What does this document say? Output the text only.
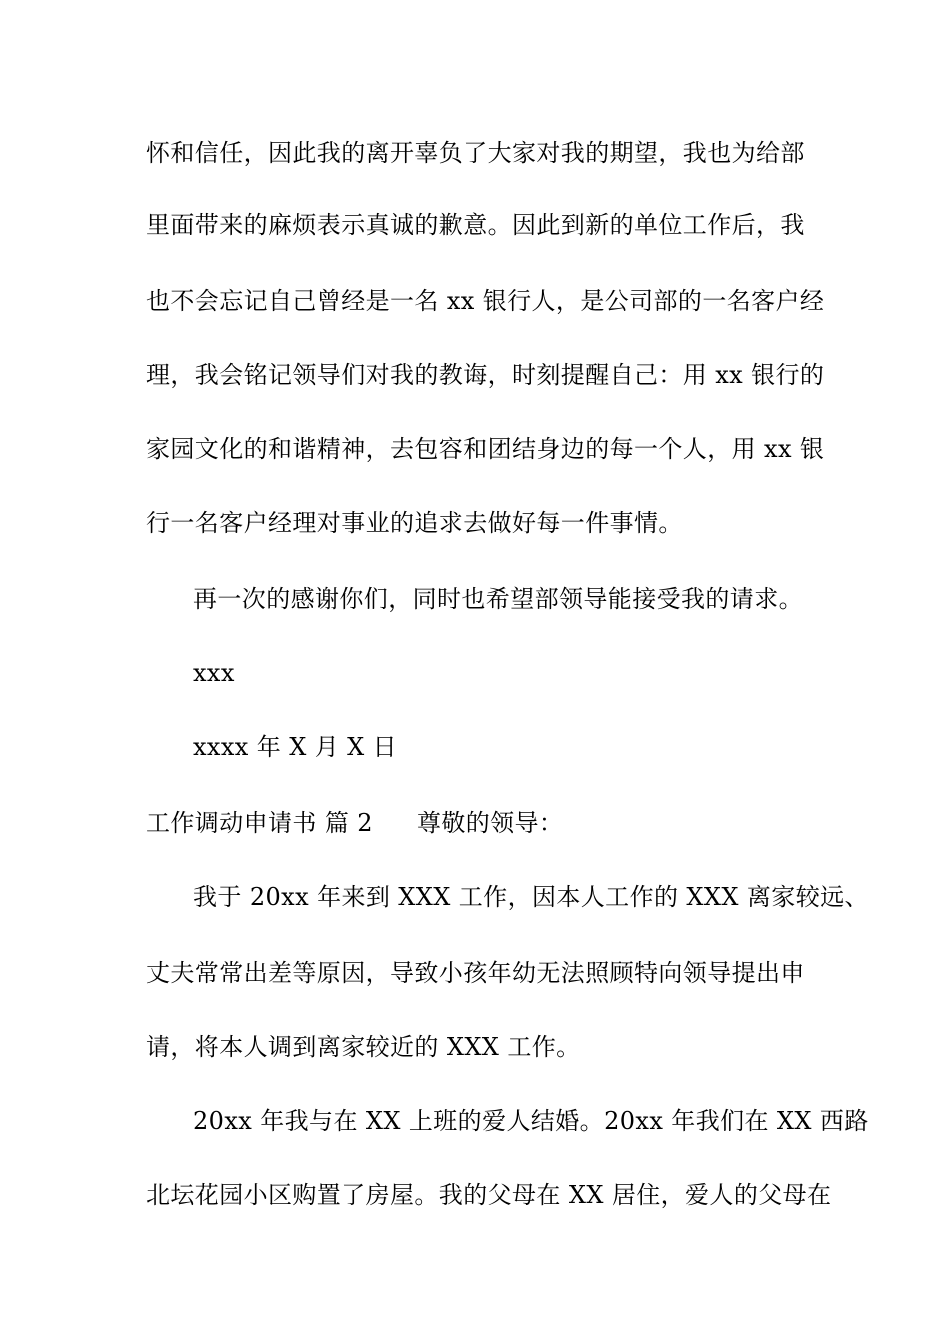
怀和信任，因此我的离开辜负了大家对我的期望，我也为给部
里面带来的麻烦表示真诚的歉意。因此到新的单位工作后，我
也不会忘记自己曾经是一名 xx 银行人，是公司部的一名客户经
理，我会铭记领导们对我的教诲，时刻提醒自己：用 xx 银行的
家园文化的和谐精神，去包容和团结身边的每一个人，用 xx 银
行一名客户经理对事业的追求去做好每一件事情。
再一次的感谢你们，同时也希望部领导能接受我的请求。
xxx
xxxx 年 X 月 X 日
工作调动申请书 篇 2 尊敬的领导：
我于 20xx 年来到 XXX 工作，因本人工作的 XXX 离家较远、
丈夫常常出差等原因，导致小孩年幼无法照顾特向领导提出申
请，将本人调到离家较近的 XXX 工作。
20xx 年我与在 XX 上班的爱人结婚。20xx 年我们在 XX 西路
北坛花园小区购置了房屋。我的父母在 XX 居住，爱人的父母在
